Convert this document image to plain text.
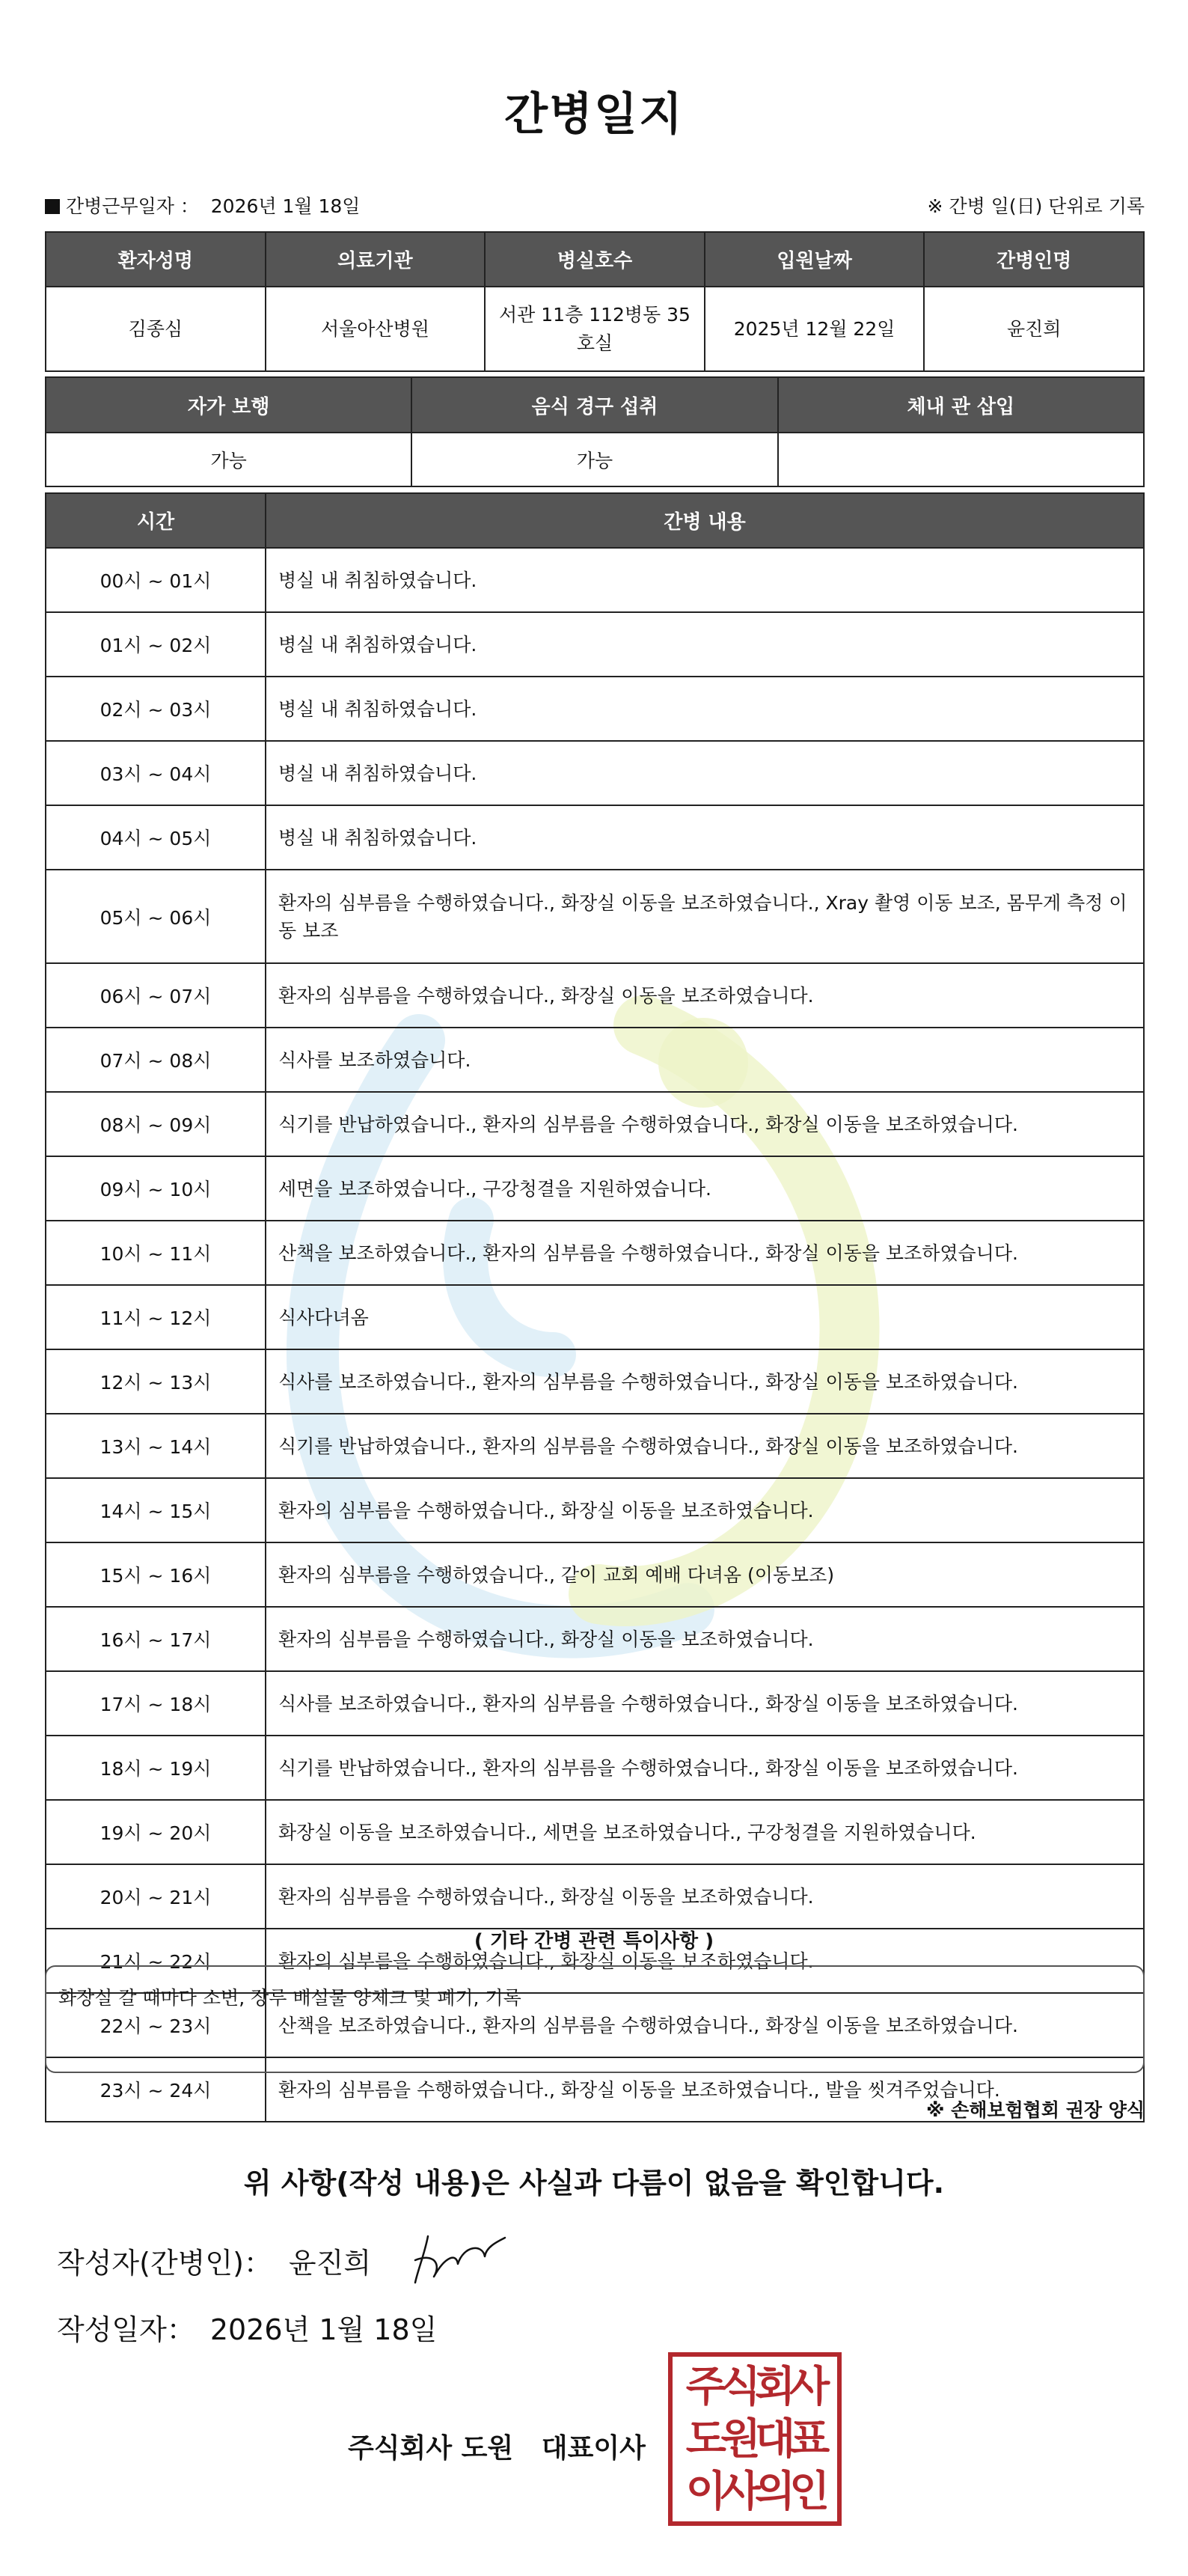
간병일지
간병근무일자 ： 2026년 1월 18일	※ 간병 일(日) 단위로 기록
환자성명	의료기관	병실호수	입원날짜	간병인명
김종심	서울아산병원	서관 11층 112병동 35호실	2025년 12월 22일	윤진희
자가 보행	음식 경구 섭취	체내 관 삽입
가능	가능	
시간	간병 내용
00시 ~ 01시	병실 내 취침하였습니다.
01시 ~ 02시	병실 내 취침하였습니다.
02시 ~ 03시	병실 내 취침하였습니다.
03시 ~ 04시	병실 내 취침하였습니다.
04시 ~ 05시	병실 내 취침하였습니다.
05시 ~ 06시	환자의 심부름을 수행하였습니다., 화장실 이동을 보조하였습니다., Xray 촬영 이동 보조, 몸무게 측정 이동 보조
06시 ~ 07시	환자의 심부름을 수행하였습니다., 화장실 이동을 보조하였습니다.
07시 ~ 08시	식사를 보조하였습니다.
08시 ~ 09시	식기를 반납하였습니다., 환자의 심부름을 수행하였습니다., 화장실 이동을 보조하였습니다.
09시 ~ 10시	세면을 보조하였습니다., 구강청결을 지원하였습니다.
10시 ~ 11시	산책을 보조하였습니다., 환자의 심부름을 수행하였습니다., 화장실 이동을 보조하였습니다.
11시 ~ 12시	식사다녀옴
12시 ~ 13시	식사를 보조하였습니다., 환자의 심부름을 수행하였습니다., 화장실 이동을 보조하였습니다.
13시 ~ 14시	식기를 반납하였습니다., 환자의 심부름을 수행하였습니다., 화장실 이동을 보조하였습니다.
14시 ~ 15시	환자의 심부름을 수행하였습니다., 화장실 이동을 보조하였습니다.
15시 ~ 16시	환자의 심부름을 수행하였습니다., 같이 교회 예배 다녀옴 (이동보조)
16시 ~ 17시	환자의 심부름을 수행하였습니다., 화장실 이동을 보조하였습니다.
17시 ~ 18시	식사를 보조하였습니다., 환자의 심부름을 수행하였습니다., 화장실 이동을 보조하였습니다.
18시 ~ 19시	식기를 반납하였습니다., 환자의 심부름을 수행하였습니다., 화장실 이동을 보조하였습니다.
19시 ~ 20시	화장실 이동을 보조하였습니다., 세면을 보조하였습니다., 구강청결을 지원하였습니다.
20시 ~ 21시	환자의 심부름을 수행하였습니다., 화장실 이동을 보조하였습니다.
21시 ~ 22시	환자의 심부름을 수행하였습니다., 화장실 이동을 보조하였습니다.
22시 ~ 23시	산책을 보조하였습니다., 환자의 심부름을 수행하였습니다., 화장실 이동을 보조하였습니다.
23시 ~ 24시	환자의 심부름을 수행하였습니다., 화장실 이동을 보조하였습니다., 발을 씻겨주었습니다.
( 기타 간병 관련 특이사항 )
화장실 갈 때마다 소변, 장루 배설물 양체크 및 폐기, 기록
※ 손해보험협회 권장 양식
위 사항(작성 내용)은 사실과 다름이 없음을 확인합니다.
작성자(간병인)： 윤진희
작성일자： 2026년 1월 18일
주식회사 도원   대표이사
주식회사
도원대표
이사의인
